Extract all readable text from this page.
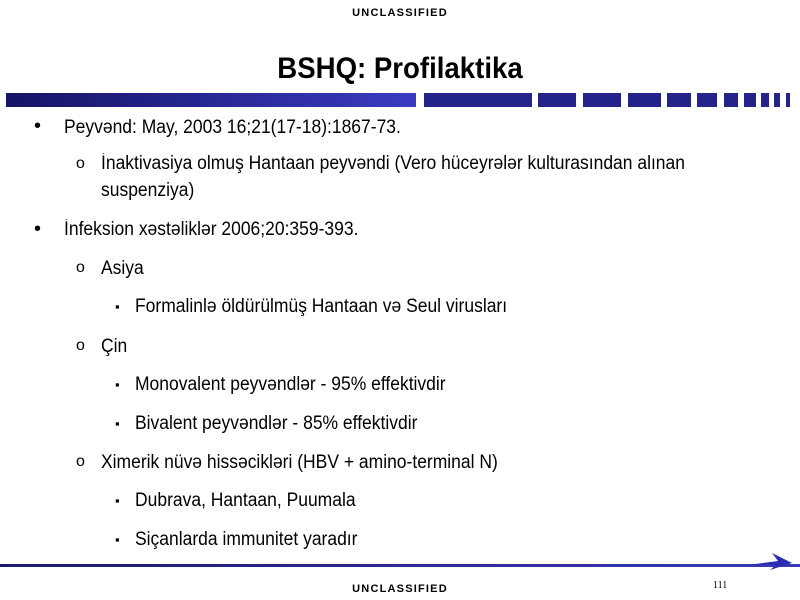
UNCLASSIFIED
BSHQ: Profilaktika
• Peyvənd: May, 2003 16;21(17-18):1867-73.
o İnaktivasiya olmuş Hantaan peyvəndi (Vero hüceyrələr kulturasından alınan
suspenziya)
• İnfeksion xəstəliklər 2006;20:359-393.
o Asiya
▪ Formalinlə öldürülmüş Hantaan və Seul virusları
o Çin
▪ Monovalent peyvəndlər - 95% effektivdir
▪ Bivalent peyvəndlər - 85% effektivdir
o Ximerik nüvə hissəcikləri (HBV + amino-terminal N)
▪ Dubrava, Hantaan, Puumala
▪ Siçanlarda immunitet yaradır
UNCLASSIFIED	111
